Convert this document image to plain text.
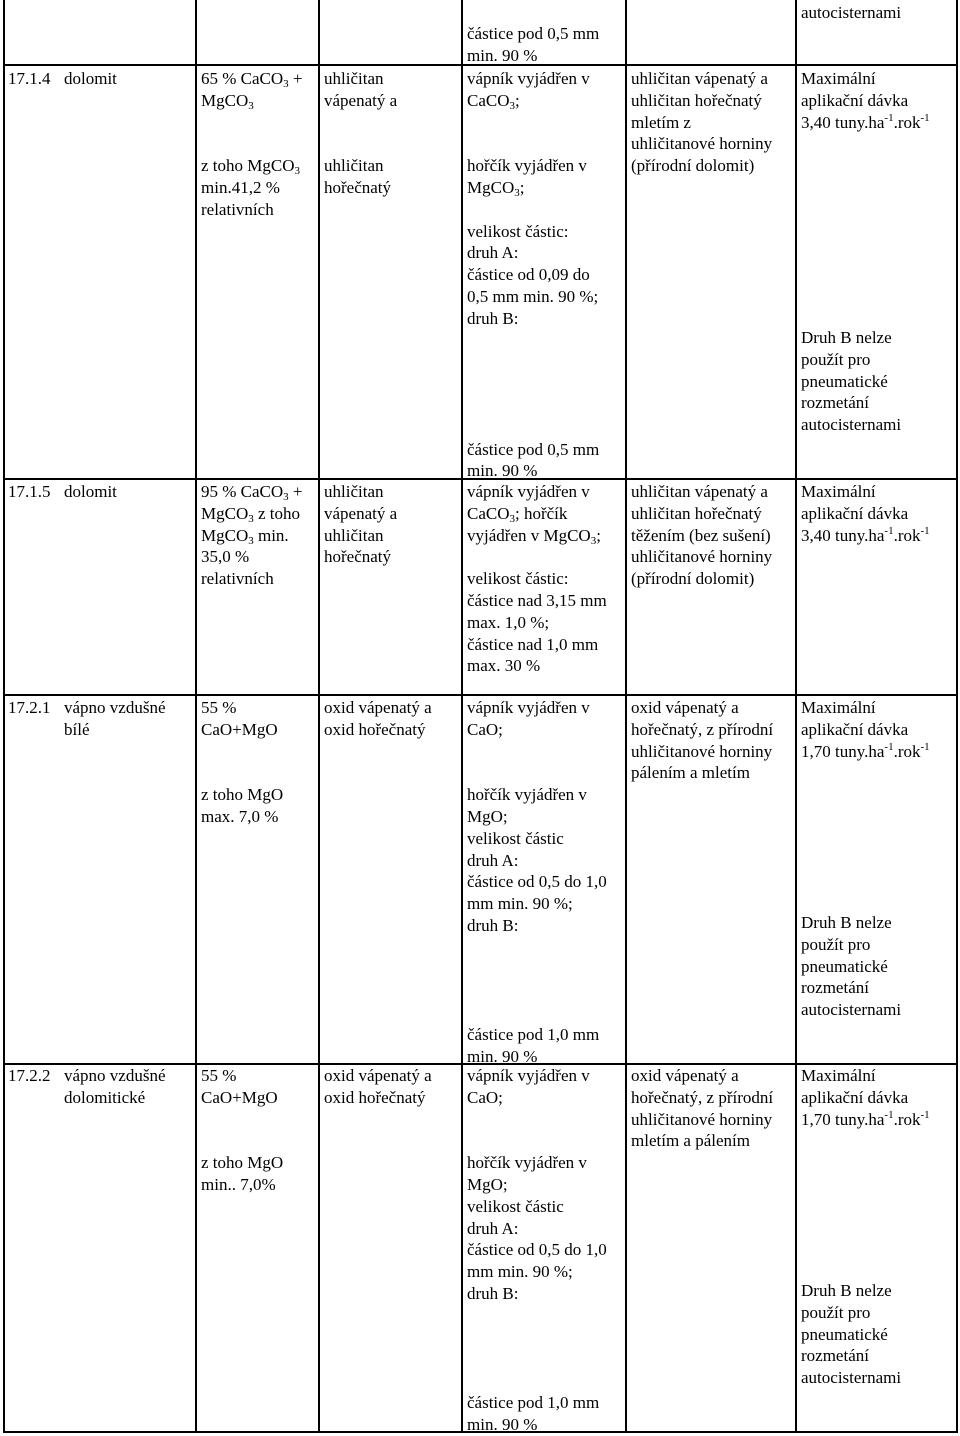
autocisternami
částice pod 0,5 mm
min. 90 %
17.1.4 dolomit	65 % CaCO$_3$ +
MgCO$_3$
z toho MgCO$_3$
min.41,2 %
relativních
uhličitan
vápenatý a
uhličitan
hořečnatý
vápník vyjádřen v
CaCO$_3$;
hořčík vyjádřen v
MgCO$_3$;
velikost částic:
druh A:
částice od 0,09 do
0,5 mm min. 90 %;
druh B:
částice pod 0,5 mm
min. 90 %
uhličitan vápenatý a
uhličitan hořečnatý
mletím z
uhličitanové horniny
(přírodní dolomit)
Maximální
aplikační dávka
3,40 $tuny.ha^{-1}.rok^{-1}$
Druh B nelze
použít pro
pneumatické
rozmetání
autocisternami
17.1.5 dolomit	95 % CaCO$_3$ +
MgCO$_3$ z toho
MgCO$_3$ min.
35,0 %
relativních
uhličitan
vápenatý a
uhličitan
hořečnatý
vápník vyjádřen v
CaCO$_3$; hořčík
vyjádřen v MgCO$_3$;
velikost částic:
částice nad 3,15 mm
max. 1,0 %;
částice nad 1,0 mm
max. 30 %
uhličitan vápenatý a
uhličitan hořečnatý
těžením (bez sušení)
uhličitanové horniny
(přírodní dolomit)
Maximální
aplikační dávka
3,40 $tuny.ha^{-1}.rok^{-1}$
17.2.1 vápno vzdušné
bílé
55 %
CaO+MgO
z toho MgO
max. 7,0 %
oxid vápenatý a
oxid hořečnatý
vápník vyjádřen v
CaO;
hořčík vyjádřen v
MgO;
velikost částic
druh A:
částice od 0,5 do 1,0
mm min. 90 %;
druh B:
částice pod 1,0 mm
min. 90 %
oxid vápenatý a
hořečnatý, z přírodní
uhličitanové horniny
pálením a mletím
Maximální
aplikační dávka
1,70 $tuny.ha^{-1}.rok^{-1}$
Druh B nelze
použít pro
pneumatické
rozmetání
autocisternami
17.2.2 vápno vzdušné
dolomitické
55 %
CaO+MgO
z toho MgO
min.. 7,0%
oxid vápenatý a
oxid hořečnatý
vápník vyjádřen v
CaO;
hořčík vyjádřen v
MgO;
velikost částic
druh A:
částice od 0,5 do 1,0
mm min. 90 %;
druh B:
částice pod 1,0 mm
min. 90 %
oxid vápenatý a
hořečnatý, z přírodní
uhličitanové horniny
mletím a pálením
Maximální
aplikační dávka
1,70 $tuny.ha^{-1}.rok^{-1}$
Druh B nelze
použít pro
pneumatické
rozmetání
autocisternami
